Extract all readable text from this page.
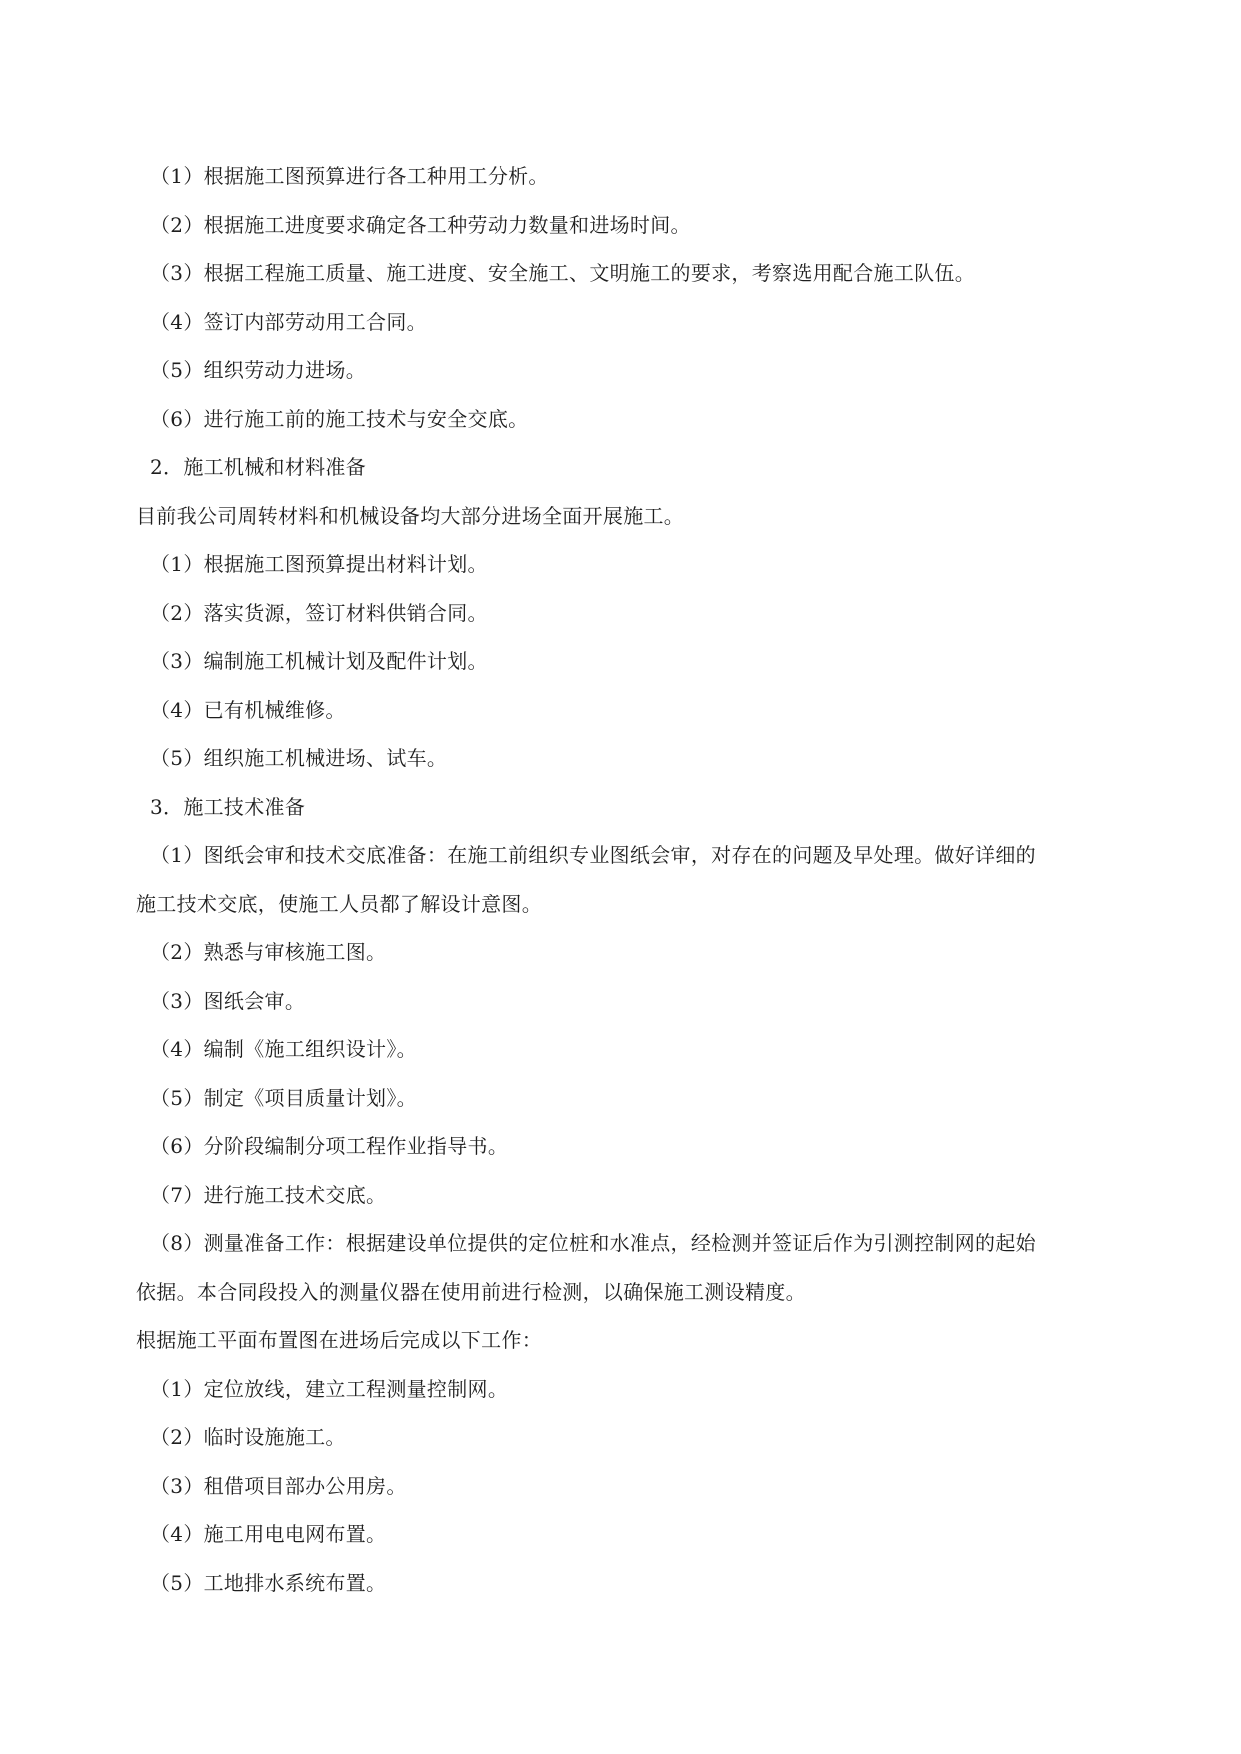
（1）根据施工图预算进行各工种用工分析。
（2）根据施工进度要求确定各工种劳动力数量和进场时间。
（3）根据工程施工质量、施工进度、安全施工、文明施工的要求，考察选用配合施工队伍。
（4）签订内部劳动用工合同。
（5）组织劳动力进场。
（6）进行施工前的施工技术与安全交底。
2．施工机械和材料准备
目前我公司周转材料和机械设备均大部分进场全面开展施工。
（1）根据施工图预算提出材料计划。
（2）落实货源，签订材料供销合同。
（3）编制施工机械计划及配件计划。
（4）已有机械维修。
（5）组织施工机械进场、试车。
3．施工技术准备
（1）图纸会审和技术交底准备：在施工前组织专业图纸会审，对存在的问题及早处理。做好详细的
施工技术交底，使施工人员都了解设计意图。
（2）熟悉与审核施工图。
（3）图纸会审。
（4）编制《施工组织设计》。
（5）制定《项目质量计划》。
（6）分阶段编制分项工程作业指导书。
（7）进行施工技术交底。
（8）测量准备工作：根据建设单位提供的定位桩和水准点，经检测并签证后作为引测控制网的起始
依据。本合同段投入的测量仪器在使用前进行检测，以确保施工测设精度。
根据施工平面布置图在进场后完成以下工作：
（1）定位放线，建立工程测量控制网。
（2）临时设施施工。
（3）租借项目部办公用房。
（4）施工用电电网布置。
（5）工地排水系统布置。
